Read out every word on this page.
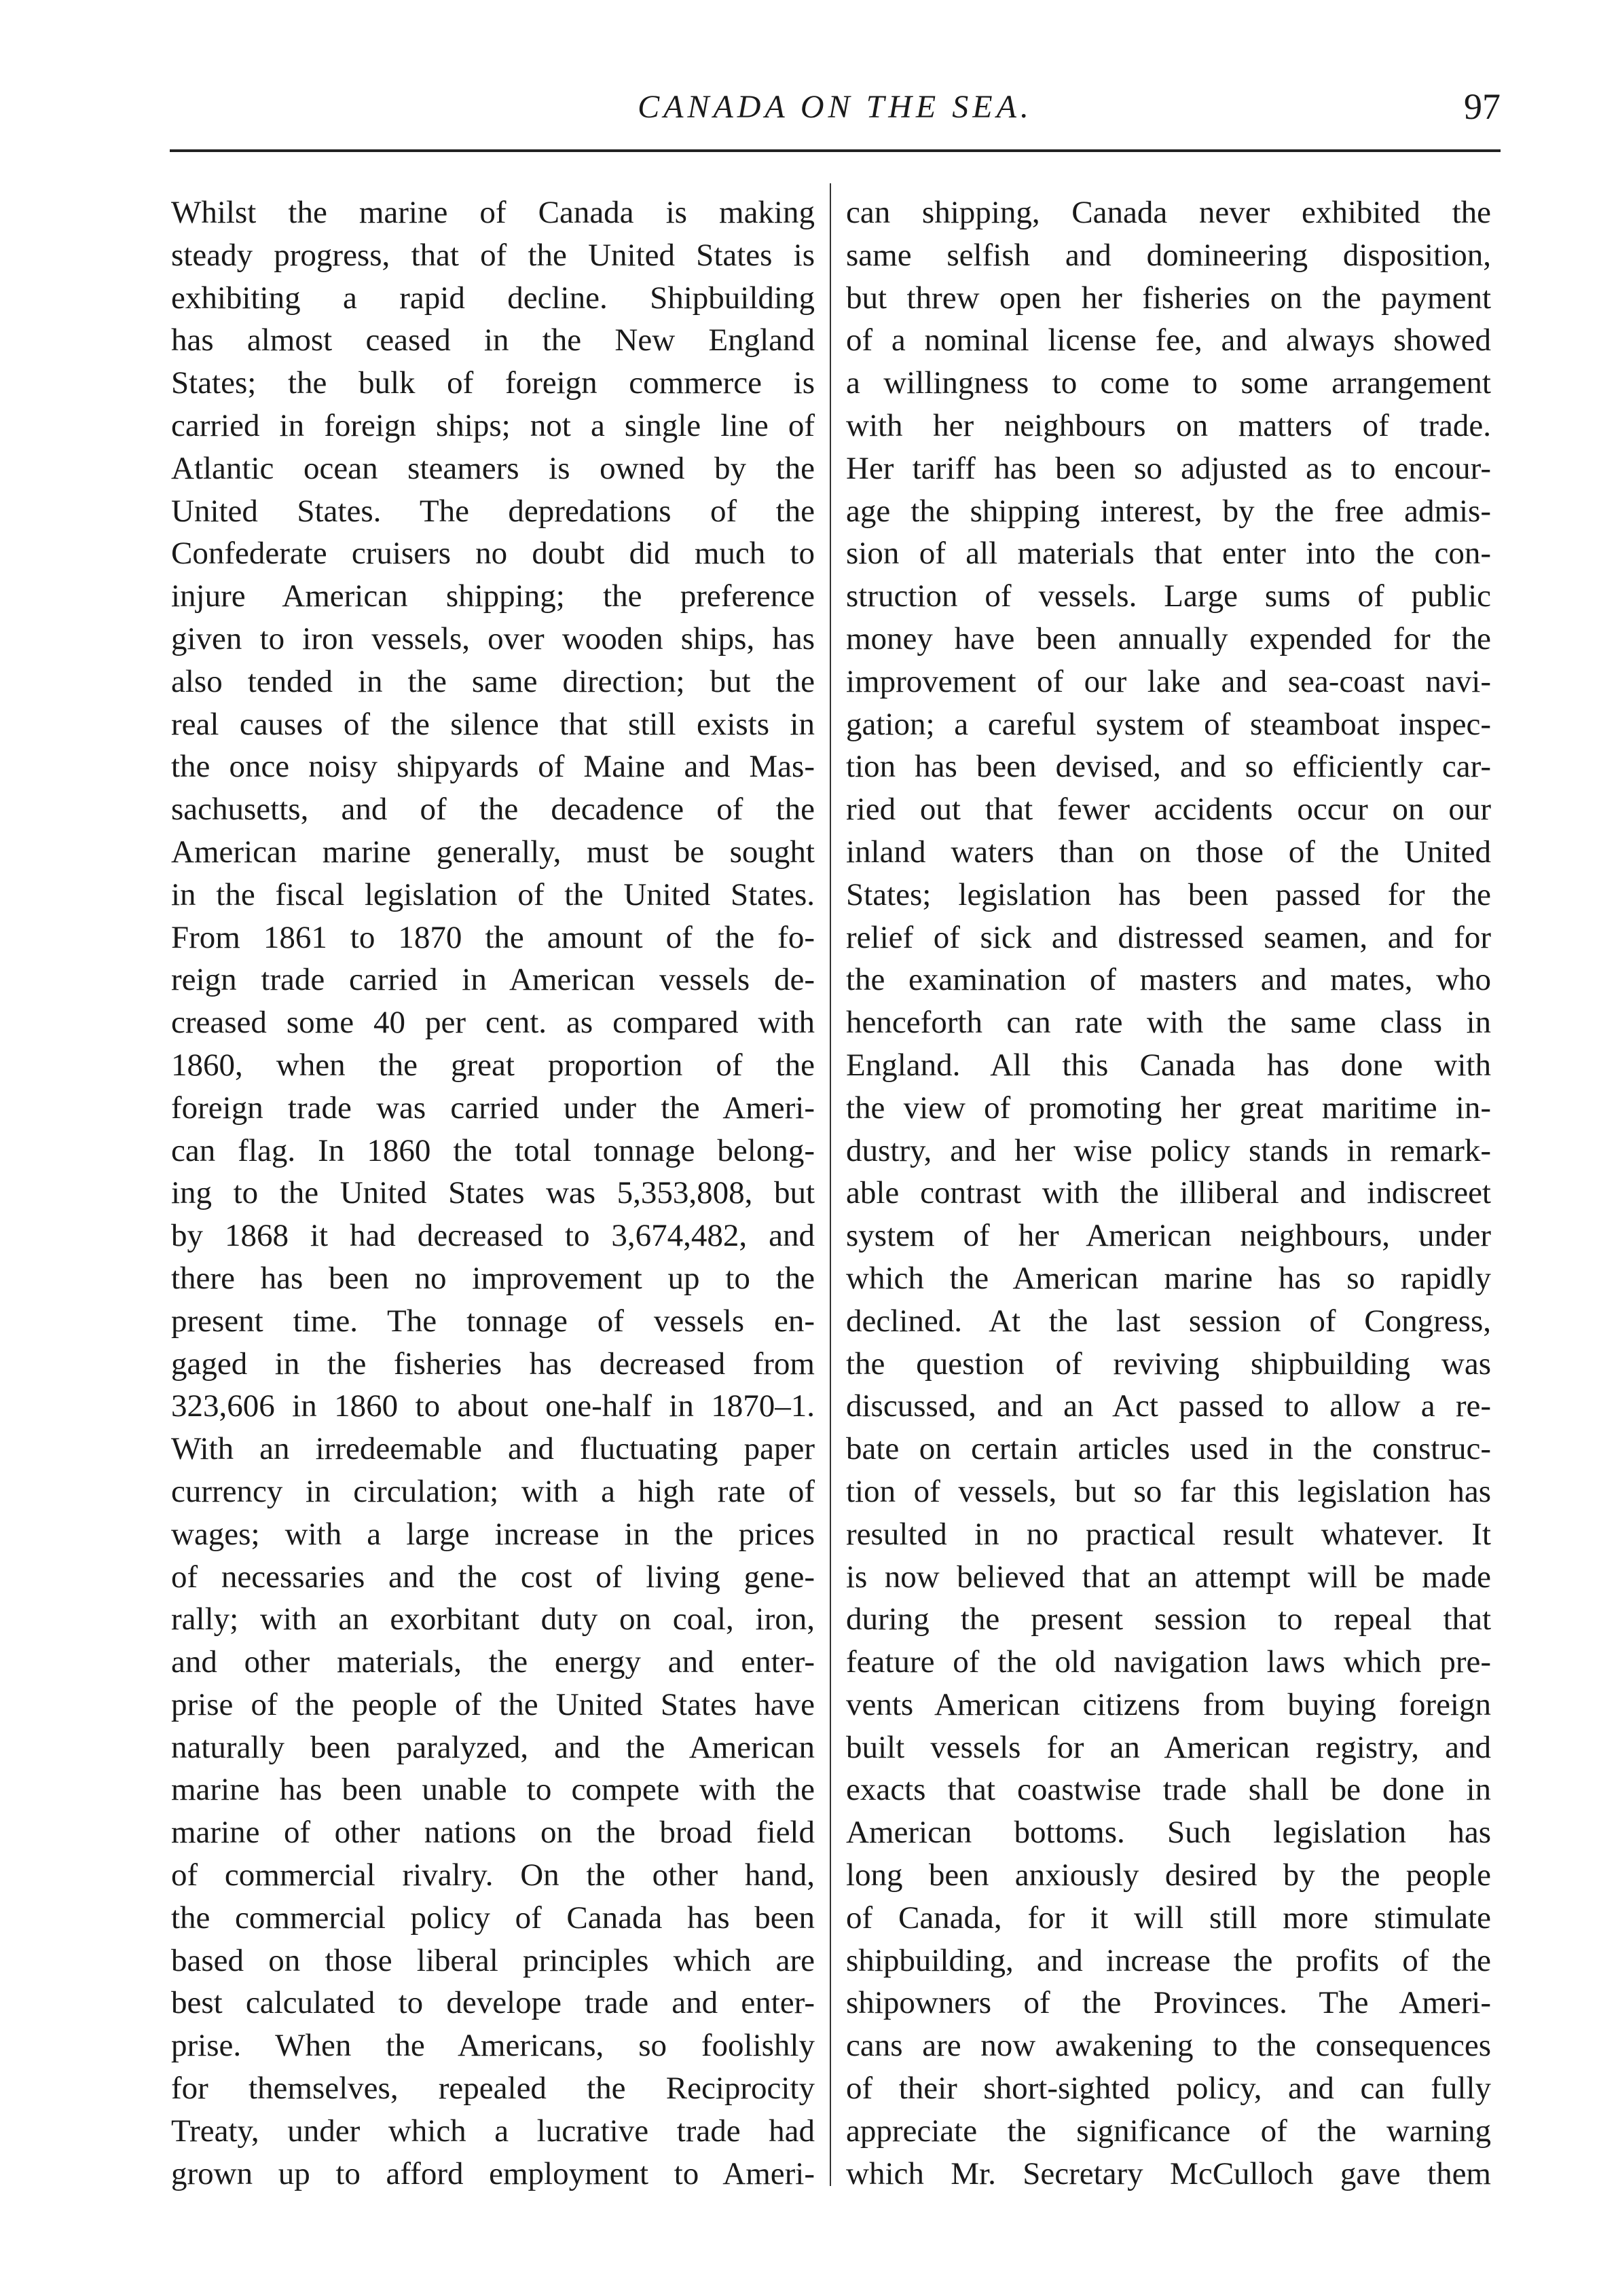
CANADA ON THE SEA.	97
Whilst the marine of Canada is making
steady progress, that of the United States is
exhibiting a rapid decline. Shipbuilding
has almost ceased in the New England
States; the bulk of foreign commerce is
carried in foreign ships; not a single line of
Atlantic ocean steamers is owned by the
United States. The depredations of the
Confederate cruisers no doubt did much to
injure American shipping; the preference
given to iron vessels, over wooden ships, has
also tended in the same direction; but the
real causes of the silence that still exists in
the once noisy shipyards of Maine and Mas-
sachusetts, and of the decadence of the
American marine generally, must be sought
in the fiscal legislation of the United States.
From 1861 to 1870 the amount of the fo-
reign trade carried in American vessels de-
creased some 40 per cent. as compared with
1860, when the great proportion of the
foreign trade was carried under the Ameri-
can flag. In 1860 the total tonnage belong-
ing to the United States was 5,353,808, but
by 1868 it had decreased to 3,674,482, and
there has been no improvement up to the
present time. The tonnage of vessels en-
gaged in the fisheries has decreased from
323,606 in 1860 to about one-half in 1870–1.
With an irredeemable and fluctuating paper
currency in circulation; with a high rate of
wages; with a large increase in the prices
of necessaries and the cost of living gene-
rally; with an exorbitant duty on coal, iron,
and other materials, the energy and enter-
prise of the people of the United States have
naturally been paralyzed, and the American
marine has been unable to compete with the
marine of other nations on the broad field
of commercial rivalry. On the other hand,
the commercial policy of Canada has been
based on those liberal principles which are
best calculated to develope trade and enter-
prise. When the Americans, so foolishly
for themselves, repealed the Reciprocity
Treaty, under which a lucrative trade had
grown up to afford employment to Ameri-
can shipping, Canada never exhibited the
same selfish and domineering disposition,
but threw open her fisheries on the payment
of a nominal license fee, and always showed
a willingness to come to some arrangement
with her neighbours on matters of trade.
Her tariff has been so adjusted as to encour-
age the shipping interest, by the free admis-
sion of all materials that enter into the con-
struction of vessels. Large sums of public
money have been annually expended for the
improvement of our lake and sea-coast navi-
gation; a careful system of steamboat inspec-
tion has been devised, and so efficiently car-
ried out that fewer accidents occur on our
inland waters than on those of the United
States; legislation has been passed for the
relief of sick and distressed seamen, and for
the examination of masters and mates, who
henceforth can rate with the same class in
England. All this Canada has done with
the view of promoting her great maritime in-
dustry, and her wise policy stands in remark-
able contrast with the illiberal and indiscreet
system of her American neighbours, under
which the American marine has so rapidly
declined. At the last session of Congress,
the question of reviving shipbuilding was
discussed, and an Act passed to allow a re-
bate on certain articles used in the construc-
tion of vessels, but so far this legislation has
resulted in no practical result whatever. It
is now believed that an attempt will be made
during the present session to repeal that
feature of the old navigation laws which pre-
vents American citizens from buying foreign
built vessels for an American registry, and
exacts that coastwise trade shall be done in
American bottoms. Such legislation has
long been anxiously desired by the people
of Canada, for it will still more stimulate
shipbuilding, and increase the profits of the
shipowners of the Provinces. The Ameri-
cans are now awakening to the consequences
of their short-sighted policy, and can fully
appreciate the significance of the warning
which Mr. Secretary McCulloch gave them
